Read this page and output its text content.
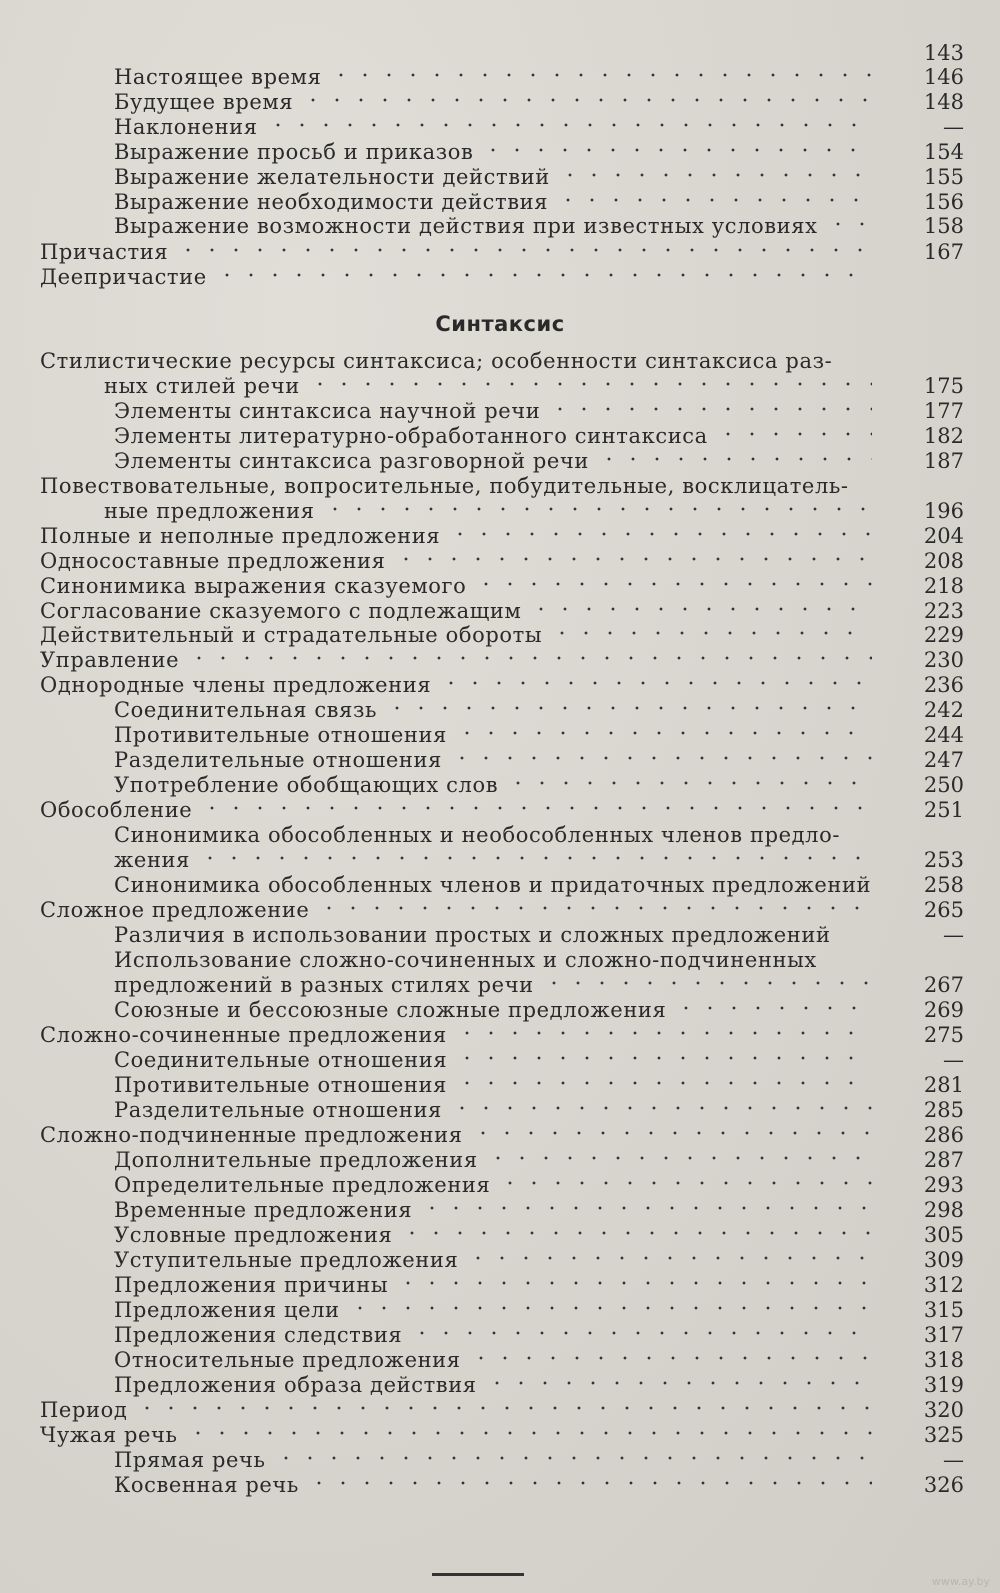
Синтаксис
143
Настоящее время	146
Будущее время	148
Наклонения	—
Выражение просьб и приказов	154
Выражение желательности действий	155
Выражение необходимости действия	156
Выражение возможности действия при известных условиях	158
Причастия	167
Деепричастие
Стилистические ресурсы синтаксиса; особенности синтаксиса раз-
ных стилей речи	175
Элементы синтаксиса научной речи	177
Элементы литературно-обработанного синтаксиса	182
Элементы синтаксиса разговорной речи	187
Повествовательные, вопросительные, побудительные, восклицатель-
ные предложения	196
Полные и неполные предложения	204
Односоставные предложения	208
Синонимика выражения сказуемого	218
Согласование сказуемого с подлежащим	223
Действительный и страдательные обороты	229
Управление	230
Однородные члены предложения	236
Соединительная связь	242
Противительные отношения	244
Разделительные отношения	247
Употребление обобщающих слов	250
Обособление	251
Синонимика обособленных и необособленных членов предло-
жения	253
Синонимика обособленных членов и придаточных предложений	258
Сложное предложение	265
Различия в использовании простых и сложных предложений	—
Использование сложно-сочиненных и сложно-подчиненных
предложений в разных стилях речи	267
Союзные и бессоюзные сложные предложения	269
Сложно-сочиненные предложения	275
Соединительные отношения	—
Противительные отношения	281
Разделительные отношения	285
Сложно-подчиненные предложения	286
Дополнительные предложения	287
Определительные предложения	293
Временные предложения	298
Условные предложения	305
Уступительные предложения	309
Предложения причины	312
Предложения цели	315
Предложения следствия	317
Относительные предложения	318
Предложения образа действия	319
Период	320
Чужая речь	325
Прямая речь	—
Косвенная речь	326
www.ay.by
